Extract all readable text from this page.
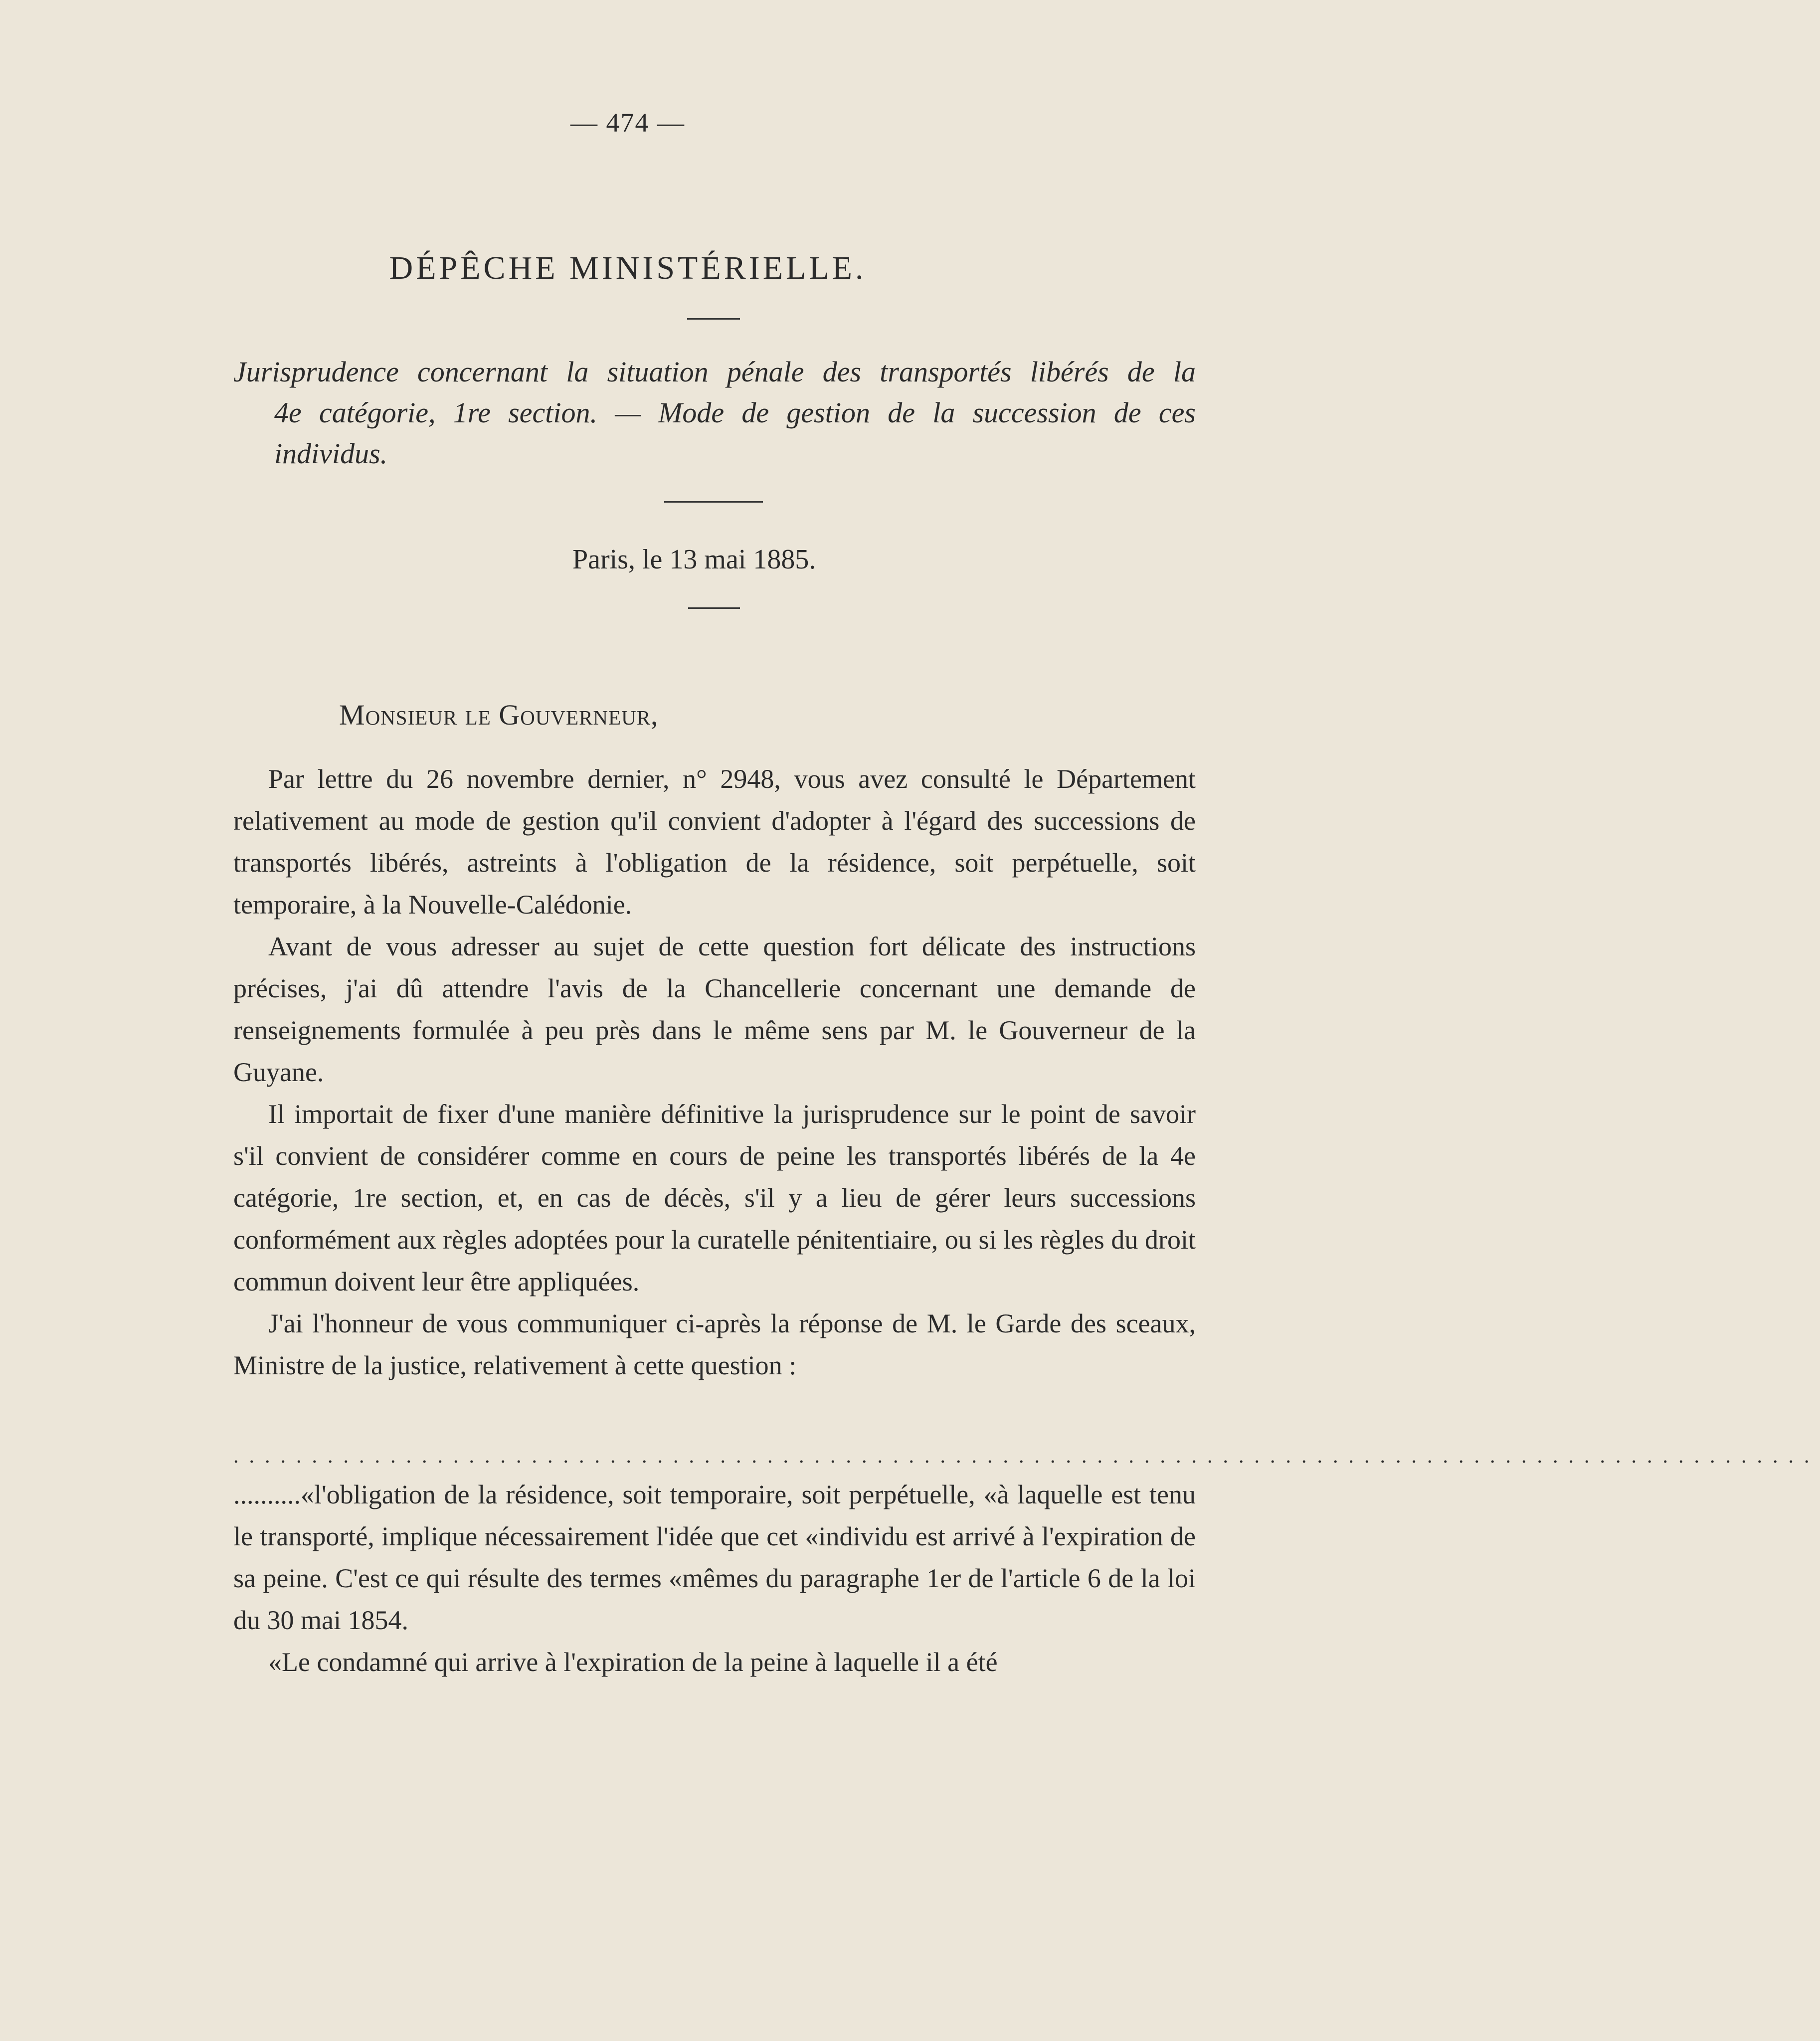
— 474 —
DÉPÊCHE MINISTÉRIELLE.

Jurisprudence concernant la situation pénale des transportés libérés de la

4e catégorie, 1re section. — Mode de gestion de la succession de ces

individus.

Paris, le 13 mai 1885.
Monsieur le Gouverneur,

Par lettre du 26 novembre dernier, n° 2948, vous avez consulté le Département relativement au mode de gestion qu'il convient d'adopter à l'égard des successions de transportés libérés, astreints à l'obligation de la résidence, soit perpétuelle, soit temporaire, à la Nouvelle-Calédonie.

Avant de vous adresser au sujet de cette question fort délicate des instructions précises, j'ai dû attendre l'avis de la Chancellerie concernant une demande de renseignements formulée à peu près dans le même sens par M. le Gouverneur de la Guyane.

Il importait de fixer d'une manière définitive la jurisprudence sur le point de savoir s'il convient de considérer comme en cours de peine les transportés libérés de la 4e catégorie, 1re section, et, en cas de décès, s'il y a lieu de gérer leurs successions conformément aux règles adoptées pour la curatelle pénitentiaire, ou si les règles du droit commun doivent leur être appliquées.

J'ai l'honneur de vous communiquer ci-après la réponse de M. le Garde des sceaux, Ministre de la justice, relativement à cette question :

.....................................................................................................

..........«l'obligation de la résidence, soit temporaire, soit perpétuelle, «à laquelle est tenu le transporté, implique nécessairement l'idée que cet «individu est arrivé à l'expiration de sa peine. C'est ce qui résulte des termes «mêmes du paragraphe 1er de l'article 6 de la loi du 30 mai 1854.

«Le condamné qui arrive à l'expiration de la peine à laquelle il a été
